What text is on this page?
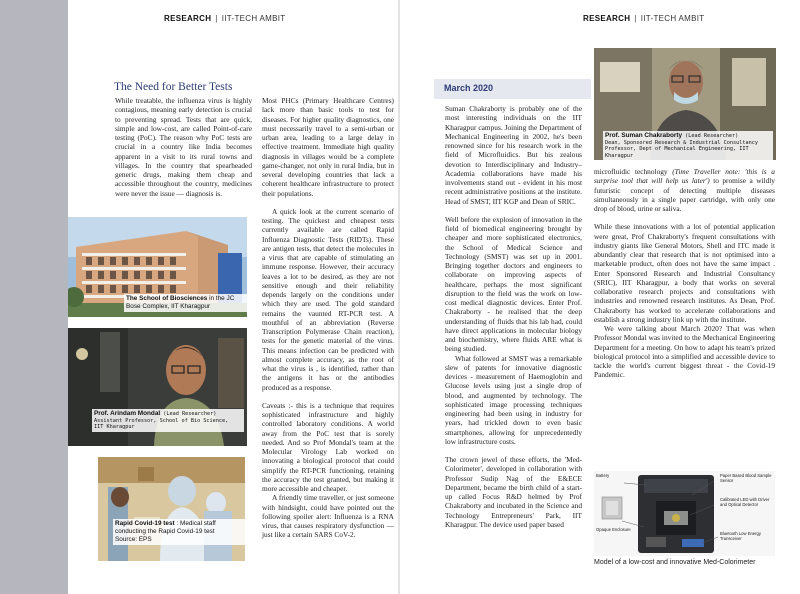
RESEARCH | IIT-TECH AMBIT	RESEARCH | IIT-TECH AMBIT
The Need for Better Tests

While treatable, the influenza virus is highly contagious, meaning early detection is crucial to preventing spread. Tests that are quick, simple and low-cost, are called Point-of-care testing (PoC). The reason why PoC tests are crucial in a country like India becomes apparent in a visit to its rural towns and villages. In the country that spearheaded generic drugs, making them cheap and accessible throughout the country, medicines were never the issue — diagnosis is.

Most PHCs (Primary Healthcare Centres) lack more than basic tools to test for diseases. For higher quality diagnostics, one must necessarily travel to a semi-urban or urban area, leading to a large delay in effective treatment. Immediate high quality diagnosis in villages would be a complete game-changer, not only in rural India, but in several developing countries that lack a coherent healthcare infrastructure to protect their populations.

A quick look at the current scenario of testing. The quickest and cheapest tests currently available are called Rapid Influenza Diagnostic Tests (RIDTs). These are antigen tests, that detect the molecules in a virus that are capable of stimulating an immune response. However, their accuracy leaves a lot to be desired, as they are not sensitive enough and their reliability depends largely on the conditions under which they are used. The gold standard remains the vaunted RT-PCR test. A mouthful of an abbreviation (Reverse Transcription Polymerase Chain reaction), tests for the genetic material of the virus. This means infection can be predicted with almost complete accuracy, as the root of what the virus is , is identified, rather than the antigens it has or the antibodies produced as a response.

Caveats :- this is a technique that requires sophisticated infrastructure and highly controlled laboratory conditions. A world away from the PoC test that is sorely needed. And so Prof Mondal's team at the Molecular Virology Lab worked on innovating a biological protocol that could simplify the RT-PCR functioning, retaining the accuracy the test granted, but making it more accessible and cheaper.

A friendly time traveller, or just someone with hindsight, could have pointed out the following spoiler alert: Influenza is a RNA virus, that causes respiratory dysfunction — just like a certain SARS CoV-2.

The School of Biosciences in the JC Bose Complex, IIT Kharagpur
Prof. Arindam Mondal (Lead Researcher)
Assistant Professor, School of Bio Science,
IIT Kharagpur
Rapid Covid-19 test : Medical staff conducting the Rapid Covid-19 test
Source: EPS
March 2020

Suman Chakraborty is probably one of the most interesting individuals on the IIT Kharagpur campus. Joining the Department of Mechanical Engineering in 2002, he's been renowned since for his research work in the field of Microfluidics. But his zealous devotion to Interdisciplinary and Industry–Academia collaborations have made his involvements stand out - evident in his most recent administrative positions at the institute. Head of SMST, IIT KGP and Dean of SRIC.

Well before the explosion of innovation in the field of biomedical engineering brought by cheaper and more sophisticated electronics, the School of Medical Science and Technology (SMST) was set up in 2001. Bringing together doctors and engineers to collaborate on improving aspects of healthcare, perhaps the most significant disruption to the field was the work on low-cost medical diagnostic devices. Enter Prof. Chakraborty - he realised that the deep understanding of fluids that his lab had, could have direct applications in molecular biology and biochemistry, where fluids ARE what is being studied.

What followed at SMST was a remarkable slew of patents for innovative diagnostic devices - measurement of Haemoglobin and Glucose levels using just a single drop of blood, and augmented by technology. The sophisticated image processing techniques engineering had been using in industry for years, had trickled down to even basic smartphones, allowing for unprecedentedly low infrastructure costs.

The crown jewel of these efforts, the 'Med-Colorimeter', developed in collaboration with Professor Sudip Nag of the E&ECE Department, became the birth child of a start-up called Focus R&D helmed by Prof Chakraborty and incubated in the Science and Technology Entrepreneurs' Park, IIT Kharagpur. The device used paper based

Prof. Suman Chakraborty (Lead Researcher)
Dean, Sponsored Research & Industrial Consultancy
Professor, Dept of Mechanical Engineering, IIT Kharagpur

microfluidic technology (Time Traveller note: 'this is a surprise tool that will help us later') to promise a wildly futuristic concept of detecting multiple diseases simultaneously in a single paper cartridge, with only one drop of blood, urine or saliva.

While these innovations with a lot of potential application were great, Prof Chakraborty's frequent consultations with industry giants like General Motors, Shell and ITC made it abundantly clear that research that is not optimised into a marketable product, often does not have the same impact . Enter Sponsored Research and Industrial Consultancy (SRIC), IIT Kharagpur, a body that works on several collaborative research projects and consultations with industries and renowned research institutes. As Dean, Prof. Chakraborty has worked to accelerate collaborations and establish a strong industry link up with the institute.

We were talking about March 2020? That was when Professor Mondal was invited to the Mechanical Engineering Department for a meeting. On how to adapt his team's prized biological protocol into a simplified and accessible device to tackle the world's current biggest threat - the Covid-19 Pandemic.

Battery	Paper Based Blood Sample Sensor
Calibrated LED with Driver and Optical Detector
Opaque Enclosure
Bluetooth Low Energy Transceiver
Model of a low-cost and innovative Med-Colorimeter
